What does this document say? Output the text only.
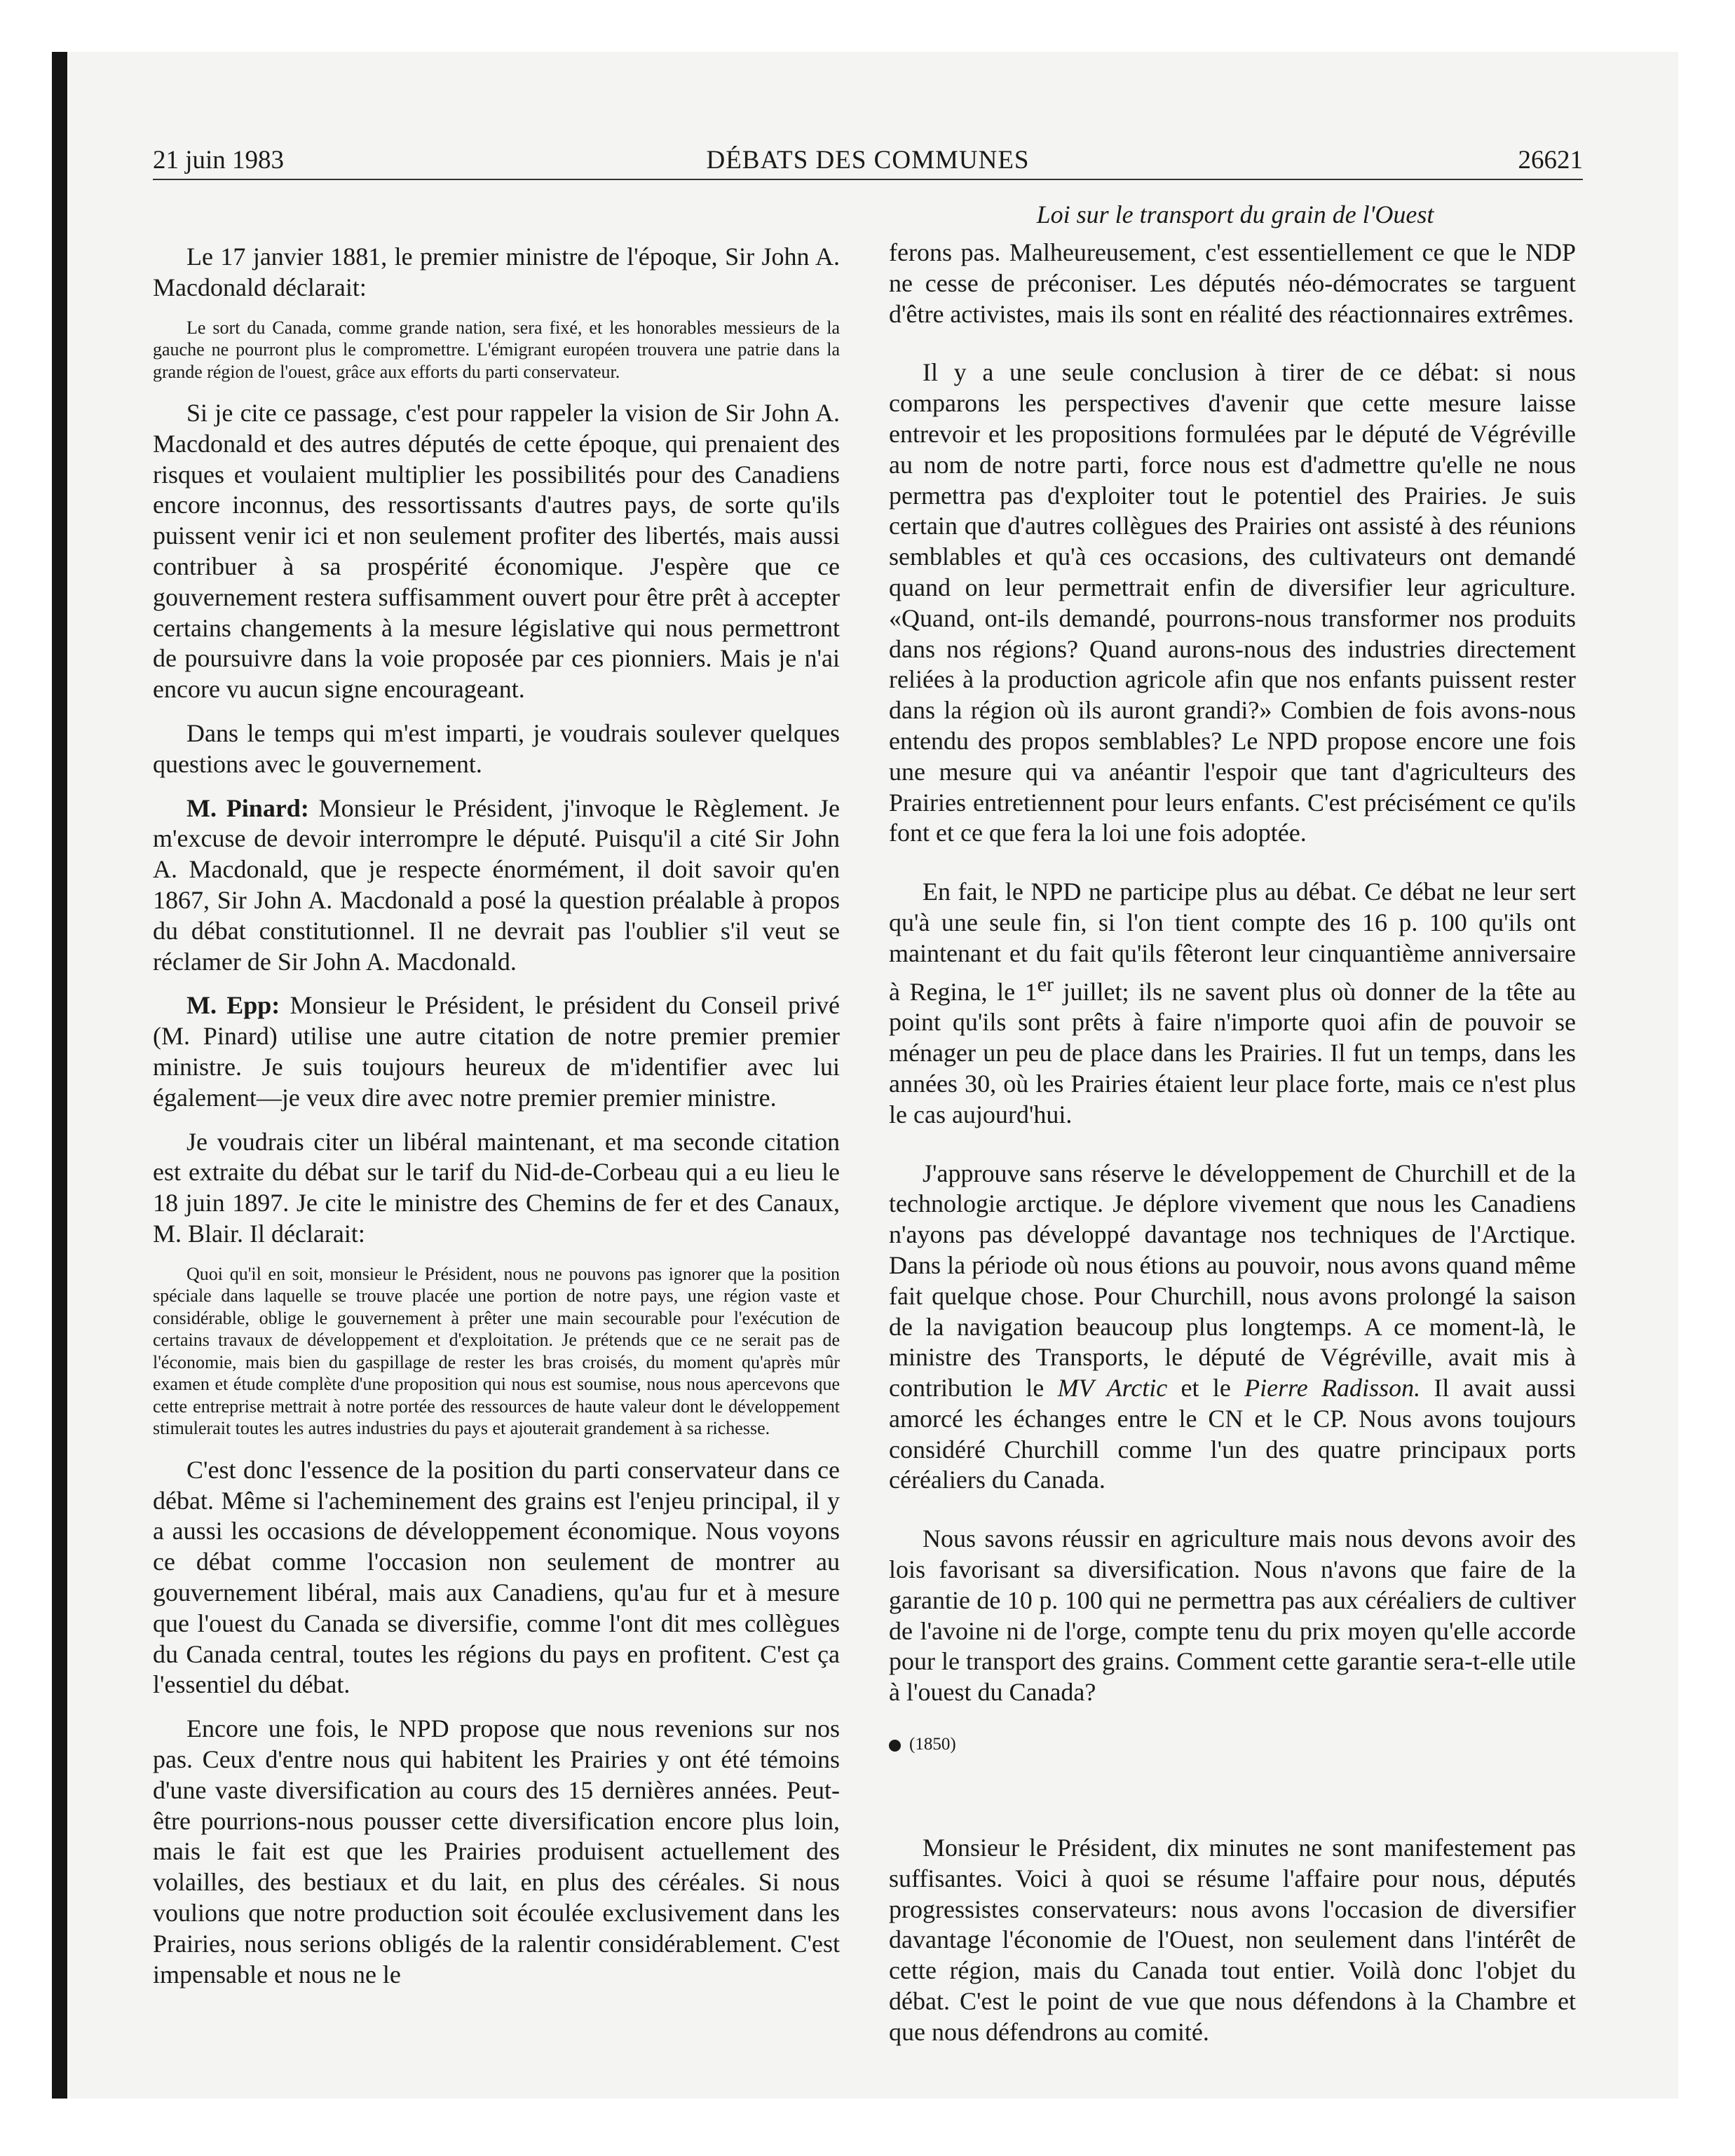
DÉBATS DES COMMUNES
21 juin 1983	26621
Loi sur le transport du grain de l'Ouest

Le 17 janvier 1881, le premier ministre de l'époque, Sir John A. Macdonald déclarait:

Le sort du Canada, comme grande nation, sera fixé, et les honorables messieurs de la gauche ne pourront plus le compromettre. L'émigrant européen trouvera une patrie dans la grande région de l'ouest, grâce aux efforts du parti conservateur.

Si je cite ce passage, c'est pour rappeler la vision de Sir John A. Macdonald et des autres députés de cette époque, qui prenaient des risques et voulaient multiplier les possibilités pour des Canadiens encore inconnus, des ressortissants d'autres pays, de sorte qu'ils puissent venir ici et non seulement profiter des libertés, mais aussi contribuer à sa prospérité économique. J'espère que ce gouvernement restera suffisamment ouvert pour être prêt à accepter certains changements à la mesure législative qui nous permettront de poursuivre dans la voie proposée par ces pionniers. Mais je n'ai encore vu aucun signe encourageant.

Dans le temps qui m'est imparti, je voudrais soulever quelques questions avec le gouvernement.

M. Pinard: Monsieur le Président, j'invoque le Règlement. Je m'excuse de devoir interrompre le député. Puisqu'il a cité Sir John A. Macdonald, que je respecte énormément, il doit savoir qu'en 1867, Sir John A. Macdonald a posé la question préalable à propos du débat constitutionnel. Il ne devrait pas l'oublier s'il veut se réclamer de Sir John A. Macdonald.

M. Epp: Monsieur le Président, le président du Conseil privé (M. Pinard) utilise une autre citation de notre premier premier ministre. Je suis toujours heureux de m'identifier avec lui également—je veux dire avec notre premier premier ministre.

Je voudrais citer un libéral maintenant, et ma seconde citation est extraite du débat sur le tarif du Nid-de-Corbeau qui a eu lieu le 18 juin 1897. Je cite le ministre des Chemins de fer et des Canaux, M. Blair. Il déclarait:

Quoi qu'il en soit, monsieur le Président, nous ne pouvons pas ignorer que la position spéciale dans laquelle se trouve placée une portion de notre pays, une région vaste et considérable, oblige le gouvernement à prêter une main secourable pour l'exécution de certains travaux de développement et d'exploitation. Je prétends que ce ne serait pas de l'économie, mais bien du gaspillage de rester les bras croisés, du moment qu'après mûr examen et étude complète d'une proposition qui nous est soumise, nous nous apercevons que cette entreprise mettrait à notre portée des ressources de haute valeur dont le développement stimulerait toutes les autres industries du pays et ajouterait grandement à sa richesse.

C'est donc l'essence de la position du parti conservateur dans ce débat. Même si l'acheminement des grains est l'enjeu principal, il y a aussi les occasions de développement économique. Nous voyons ce débat comme l'occasion non seulement de montrer au gouvernement libéral, mais aux Canadiens, qu'au fur et à mesure que l'ouest du Canada se diversifie, comme l'ont dit mes collègues du Canada central, toutes les régions du pays en profitent. C'est ça l'essentiel du débat.

Encore une fois, le NPD propose que nous revenions sur nos pas. Ceux d'entre nous qui habitent les Prairies y ont été témoins d'une vaste diversification au cours des 15 dernières années. Peut-être pourrions-nous pousser cette diversification encore plus loin, mais le fait est que les Prairies produisent actuellement des volailles, des bestiaux et du lait, en plus des céréales. Si nous voulions que notre production soit écoulée exclusivement dans les Prairies, nous serions obligés de la ralentir considérablement. C'est impensable et nous ne le

ferons pas. Malheureusement, c'est essentiellement ce que le NDP ne cesse de préconiser. Les députés néo-démocrates se targuent d'être activistes, mais ils sont en réalité des réactionnaires extrêmes.

Il y a une seule conclusion à tirer de ce débat: si nous comparons les perspectives d'avenir que cette mesure laisse entrevoir et les propositions formulées par le député de Végréville au nom de notre parti, force nous est d'admettre qu'elle ne nous permettra pas d'exploiter tout le potentiel des Prairies. Je suis certain que d'autres collègues des Prairies ont assisté à des réunions semblables et qu'à ces occasions, des cultivateurs ont demandé quand on leur permettrait enfin de diversifier leur agriculture. «Quand, ont-ils demandé, pourrons-nous transformer nos produits dans nos régions? Quand aurons-nous des industries directement reliées à la production agricole afin que nos enfants puissent rester dans la région où ils auront grandi?» Combien de fois avons-nous entendu des propos semblables? Le NPD propose encore une fois une mesure qui va anéantir l'espoir que tant d'agriculteurs des Prairies entretiennent pour leurs enfants. C'est précisément ce qu'ils font et ce que fera la loi une fois adoptée.

En fait, le NPD ne participe plus au débat. Ce débat ne leur sert qu'à une seule fin, si l'on tient compte des 16 p. 100 qu'ils ont maintenant et du fait qu'ils fêteront leur cinquantième anniversaire à Regina, le 1er juillet; ils ne savent plus où donner de la tête au point qu'ils sont prêts à faire n'importe quoi afin de pouvoir se ménager un peu de place dans les Prairies. Il fut un temps, dans les années 30, où les Prairies étaient leur place forte, mais ce n'est plus le cas aujourd'hui.

J'approuve sans réserve le développement de Churchill et de la technologie arctique. Je déplore vivement que nous les Canadiens n'ayons pas développé davantage nos techniques de l'Arctique. Dans la période où nous étions au pouvoir, nous avons quand même fait quelque chose. Pour Churchill, nous avons prolongé la saison de la navigation beaucoup plus longtemps. A ce moment-là, le ministre des Transports, le député de Végréville, avait mis à contribution le MV Arctic et le Pierre Radisson. Il avait aussi amorcé les échanges entre le CN et le CP. Nous avons toujours considéré Churchill comme l'un des quatre principaux ports céréaliers du Canada.

Nous savons réussir en agriculture mais nous devons avoir des lois favorisant sa diversification. Nous n'avons que faire de la garantie de 10 p. 100 qui ne permettra pas aux céréaliers de cultiver de l'avoine ni de l'orge, compte tenu du prix moyen qu'elle accorde pour le transport des grains. Comment cette garantie sera-t-elle utile à l'ouest du Canada?

(1850)

Monsieur le Président, dix minutes ne sont manifestement pas suffisantes. Voici à quoi se résume l'affaire pour nous, députés progressistes conservateurs: nous avons l'occasion de diversifier davantage l'économie de l'Ouest, non seulement dans l'intérêt de cette région, mais du Canada tout entier. Voilà donc l'objet du débat. C'est le point de vue que nous défendons à la Chambre et que nous défendrons au comité.
